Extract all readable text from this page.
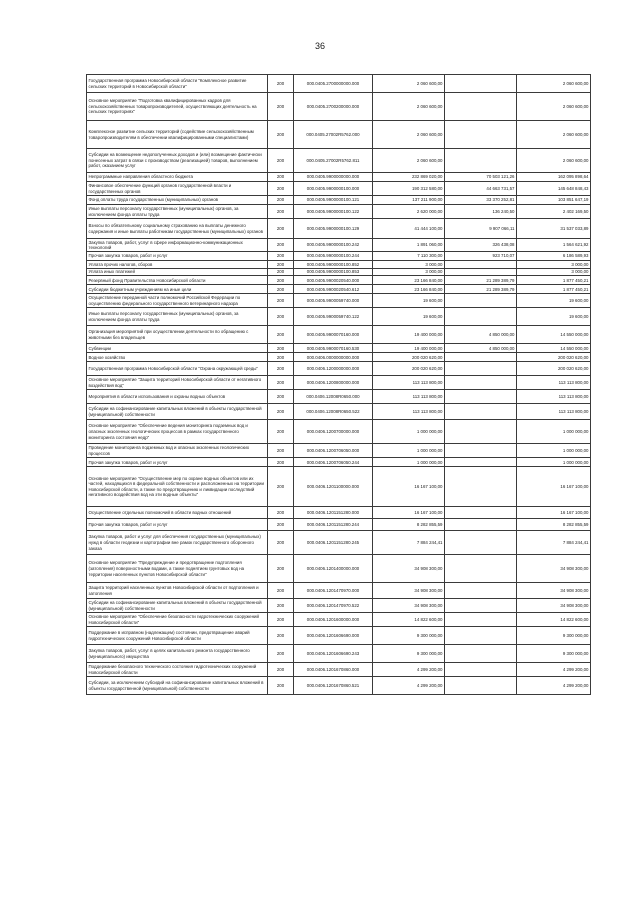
36
Государственная программа Новосибирской области "Комплексное развитие сельских территорий в Новосибирской области"	200	000.0405.2700000000.000	2 060 600,00		2 060 600,00
Основное мероприятие "Подготовка квалифицированных кадров для сельскохозяйственных товаропроизводителей, осуществляющих деятельность на сельских территориях"	200	000.0405.2700200000.000	2 060 600,00		2 060 600,00
Комплексное развитие сельских территорий (содействие сельскохозяйственным товаропроизводителям в обеспечении квалифицированными специалистами)	200	000.0405.27002R5762.000	2 060 600,00		2 060 600,00
Субсидии на возмещение недополученных доходов и (или) возмещение фактически понесенных затрат в связи с производством (реализацией) товаров, выполнением работ, оказанием услуг	200	000.0405.27002R5762.811	2 060 600,00		2 060 600,00
Непрограммные направления областного бюджета	200	000.0405.9900000000.000	232 869 020,00	70 503 121,26	162 095 898,64
Финансовое обеспечение функций органов государственной власти и государственных органов	200	000.0405.9900000100.000	190 312 580,00	44 663 731,57	145 648 848,43
Фонд оплаты труда государственных (муниципальных) органов	200	000.0405.9900000100.121	137 211 900,00	33 370 252,81	103 851 647,19
Иные выплаты персоналу государственных (муниципальных) органов, за исключением фонда оплаты труда	200	000.0405.9900000100.122	2 620 000,00	136 240,50	2 402 169,50
Взносы по обязательному социальному страхованию на выплаты денежного содержания и иные выплаты работникам государственных (муниципальных) органов	200	000.0405.9900000100.129	41 444 100,00	9 907 066,11	31 537 033,89
Закупка товаров, работ, услуг в сфере информационно-коммуникационных технологий	200	000.0405.9900000100.242	1 891 060,00	326 438,08	1 564 621,92
Прочая закупка товаров, работ и услуг	200	000.0405.9900000100.244	7 110 300,00	923 710,07	6 186 589,93
Уплата прочих налогов, сборов	200	000.0405.9900000100.852	3 000,00		3 000,00
Уплата иных платежей	200	000.0405.9900000100.853	3 000,00		3 000,00
Резервный фонд Правительства Новосибирской области	200	000.0405.9900020540.000	23 166 840,00	21 289 389,79	1 877 450,21
Субсидии бюджетным учреждениям на иные цели	200	000.0405.9900020540.612	23 166 840,00	21 289 389,79	1 877 450,21
Осуществление переданной части полномочий Российской Федерации по осуществлению федерального государственного ветеринарного надзора	200	000.0405.9900059740.000	19 600,00		19 600,00
Иные выплаты персоналу государственных (муниципальных) органов, за исключением фонда оплаты труда	200	000.0405.9900059740.122	19 600,00		19 600,00
Организация мероприятий при осуществлении деятельности по обращению с животными без владельцев	200	000.0405.9900070160.000	19 400 000,00	4 850 000,00	14 550 000,00
Субвенции	200	000.0405.9900070160.530	19 400 000,00	4 850 000,00	14 550 000,00
Водное хозяйство	200	000.0406.0000000000.000	200 020 620,00		200 020 620,00
Государственная программа Новосибирской области "Охрана окружающей среды"	200	000.0406.1200000000.000	200 020 620,00		200 020 620,00
Основное мероприятие "Защита территорий Новосибирской области от негативного воздействия вод"	200	000.0406.1200800000.000	113 113 800,00		113 113 800,00
Мероприятия в области использования и охраны водных объектов	200	000.0406.12008R0650.000	113 113 800,00		113 113 800,00
Субсидии на софинансирование капитальных вложений в объекты государственной (муниципальной) собственности	200	000.0406.12008R0650.522	113 113 800,00		113 113 800,00
Основное мероприятие "Обеспечение ведения мониторинга подземных вод и опасных экзогенных геологических процессов в рамках государственного мониторинга состояния недр"	200	000.0406.1200700000.000	1 000 000,00		1 000 000,00
Проведение мониторинга подземных вод и опасных экзогенных геологических процессов	200	000.0406.1200706050.000	1 000 000,00		1 000 000,00
Прочая закупка товаров, работ и услуг	200	000.0406.1200706050.244	1 000 000,00		1 000 000,00
Основное мероприятие "Осуществление мер по охране водных объектов или их частей, находящихся в федеральной собственности и расположенных на территории Новосибирской области, а также по предотвращению и ликвидации последствий негативного воздействия вод на эти водные объекты"	200	000.0406.1201100000.000	16 167 100,00		16 167 100,00
Осуществление отдельных полномочий в области водных отношений	200	000.0406.1201151280.000	16 167 100,00		16 167 100,00
Прочая закупка товаров, работ и услуг	200	000.0406.1201151280.244	8 282 855,59		8 282 855,59
Закупка товаров, работ и услуг для обеспечения государственных (муниципальных) нужд в области геодезии и картографии вне рамок государственного оборонного заказа	200	000.0406.1201151280.245	7 884 244,41		7 884 244,41
Основное мероприятие "Предупреждение и предотвращение подтопления (затопления) поверхностными водами, а также поднятием грунтовых вод на территории населенных пунктов Новосибирской области"	200	000.0406.1201400000.000	34 908 300,00		34 908 300,00
Защита территорий населенных пунктов Новосибирской области от подтопления и затопления	200	000.0406.1201470970.000	34 908 300,00		34 908 300,00
Субсидии на софинансирование капитальных вложений в объекты государственной (муниципальной) собственности	200	000.0406.1201470970.522	34 908 300,00		34 908 300,00
Основное мероприятие "Обеспечение безопасности гидротехнических сооружений Новосибирской области"	200	000.0406.1201600000.000	14 822 600,00		14 822 600,00
Поддержание в исправном (надлежащем) состоянии, предотвращение аварий гидротехнических сооружений Новосибирской области	200	000.0406.1201606690.000	9 300 000,00		9 300 000,00
Закупка товаров, работ, услуг в целях капитального ремонта государственного (муниципального) имущества	200	000.0406.1201606690.243	9 300 000,00		9 300 000,00
Поддержание безопасного технического состояния гидротехнических сооружений Новосибирской области	200	000.0406.1201670860.000	4 299 200,00		4 299 200,00
Субсидии, за исключением субсидий на софинансирование капитальных вложений в объекты государственной (муниципальной) собственности	200	000.0406.1201670860.521	4 299 200,00		4 299 200,00
